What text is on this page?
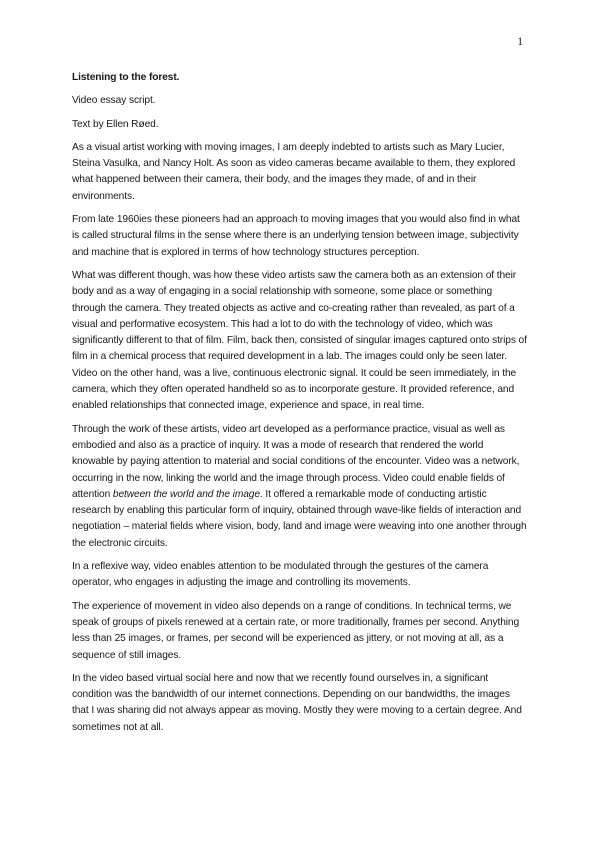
1

Listening to the forest.

Video essay script.

Text by Ellen Røed.

As a visual artist working with moving images, I am deeply indebted to artists such as Mary Lucier, Steina Vasulka, and Nancy Holt. As soon as video cameras became available to them, they explored what happened between their camera, their body, and the images they made, of and in their environments.

From late 1960ies these pioneers had an approach to moving images that you would also find in what is called structural films in the sense where there is an underlying tension between image, subjectivity and machine that is explored in terms of how technology structures perception.

What was different though, was how these video artists saw the camera both as an extension of their body and as a way of engaging in a social relationship with someone, some place or something through the camera. They treated objects as active and co-creating rather than revealed, as part of a visual and performative ecosystem. This had a lot to do with the technology of video, which was significantly different to that of film. Film, back then, consisted of singular images captured onto strips of film in a chemical process that required development in a lab. The images could only be seen later. Video on the other hand, was a live, continuous electronic signal. It could be seen immediately, in the camera, which they often operated handheld so as to incorporate gesture. It provided reference, and enabled relationships that connected image, experience and space, in real time.

Through the work of these artists, video art developed as a performance practice, visual as well as embodied and also as a practice of inquiry. It was a mode of research that rendered the world knowable by paying attention to material and social conditions of the encounter. Video was a network, occurring in the now, linking the world and the image through process. Video could enable fields of attention between the world and the image. It offered a remarkable mode of conducting artistic research by enabling this particular form of inquiry, obtained through wave-like fields of interaction and negotiation – material fields where vision, body, land and image were weaving into one another through the electronic circuits.

In a reflexive way, video enables attention to be modulated through the gestures of the camera operator, who engages in adjusting the image and controlling its movements.

The experience of movement in video also depends on a range of conditions. In technical terms, we speak of groups of pixels renewed at a certain rate, or more traditionally, frames per second. Anything less than 25 images, or frames, per second will be experienced as jittery, or not moving at all, as a sequence of still images.

In the video based virtual social here and now that we recently found ourselves in, a significant condition was the bandwidth of our internet connections. Depending on our bandwidths, the images that I was sharing did not always appear as moving. Mostly they were moving to a certain degree. And sometimes not at all.
